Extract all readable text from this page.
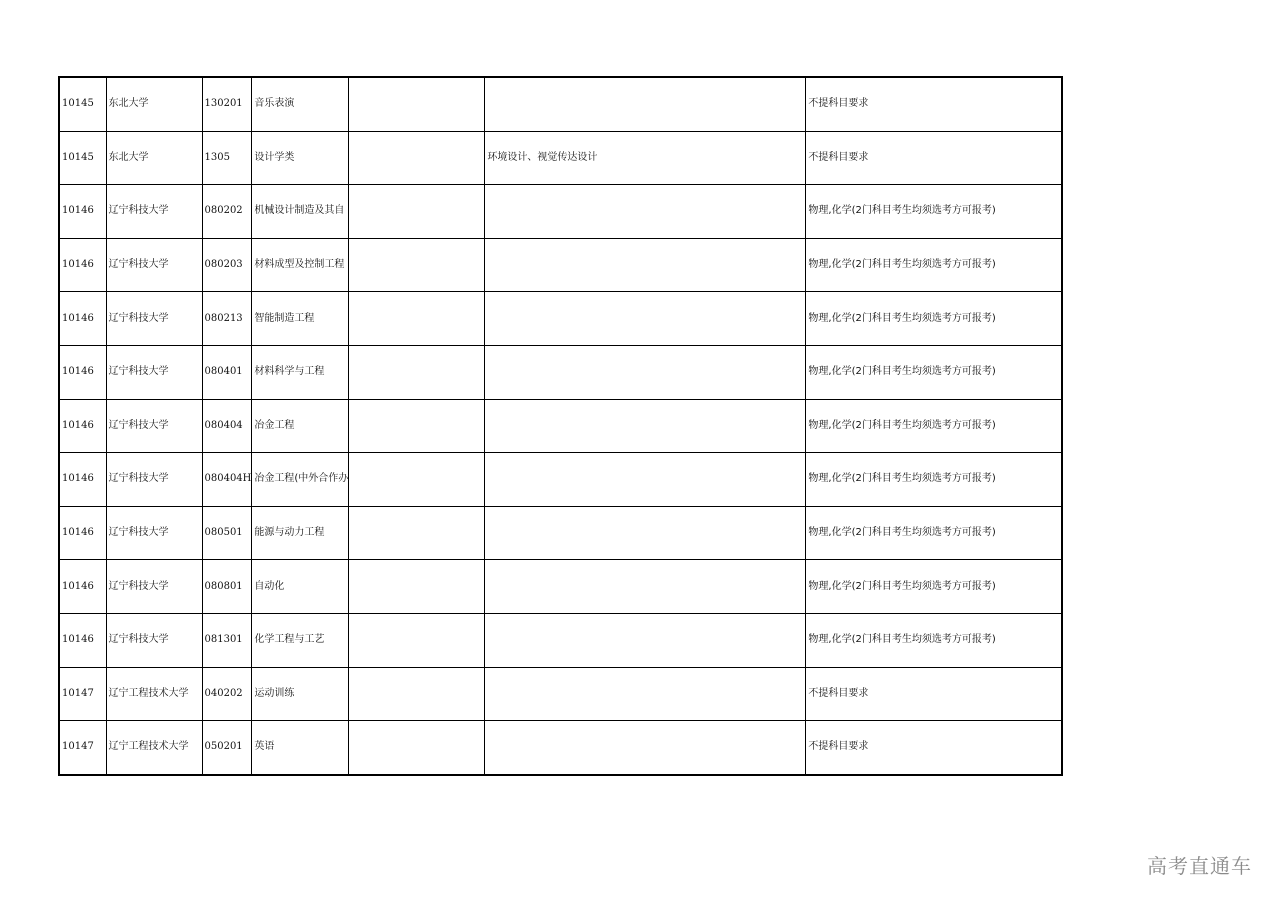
10145	东北大学	130201	音乐表演			不提科目要求
10145	东北大学	1305	设计学类		环境设计、视觉传达设计	不提科目要求
10146	辽宁科技大学	080202	机械设计制造及其自			物理,化学(2门科目考生均须选考方可报考)
10146	辽宁科技大学	080203	材料成型及控制工程			物理,化学(2门科目考生均须选考方可报考)
10146	辽宁科技大学	080213	智能制造工程			物理,化学(2门科目考生均须选考方可报考)
10146	辽宁科技大学	080401	材料科学与工程			物理,化学(2门科目考生均须选考方可报考)
10146	辽宁科技大学	080404	冶金工程			物理,化学(2门科目考生均须选考方可报考)
10146	辽宁科技大学	080404H	冶金工程(中外合作办			物理,化学(2门科目考生均须选考方可报考)
10146	辽宁科技大学	080501	能源与动力工程			物理,化学(2门科目考生均须选考方可报考)
10146	辽宁科技大学	080801	自动化			物理,化学(2门科目考生均须选考方可报考)
10146	辽宁科技大学	081301	化学工程与工艺			物理,化学(2门科目考生均须选考方可报考)
10147	辽宁工程技术大学	040202	运动训练			不提科目要求
10147	辽宁工程技术大学	050201	英语			不提科目要求
高考直通车
